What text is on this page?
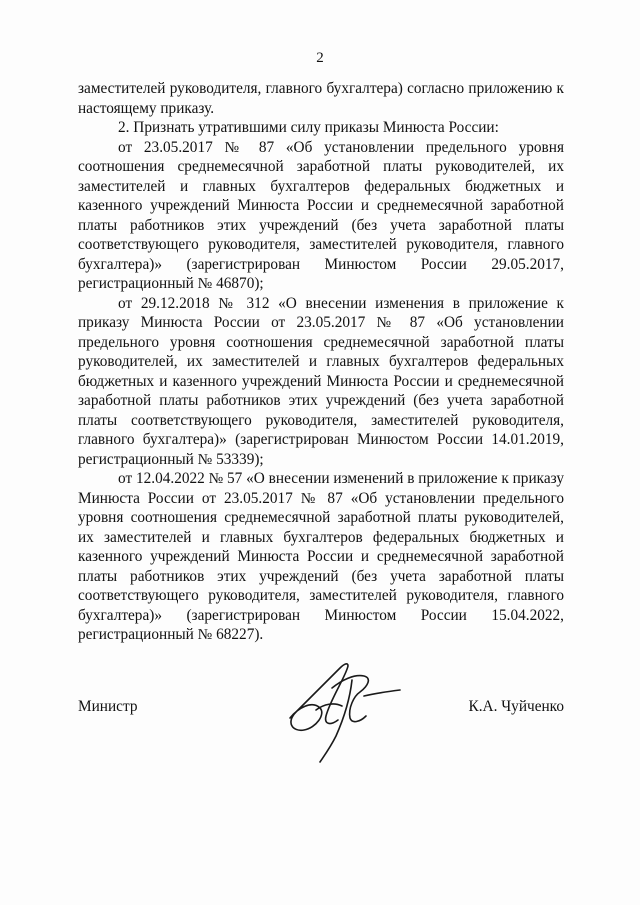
2

заместителей руководителя, главного бухгалтера) согласно приложению к настоящему приказу.

2. Признать утратившими силу приказы Минюста России:

от 23.05.2017 № 87 «Об установлении предельного уровня соотношения среднемесячной заработной платы руководителей, их заместителей и главных бухгалтеров федеральных бюджетных и казенного учреждений Минюста России и среднемесячной заработной платы работников этих учреждений (без учета заработной платы соответствующего руководителя, заместителей руководителя, главного бухгалтера)» (зарегистрирован Минюстом России 29.05.2017, регистрационный № 46870);

от 29.12.2018 № 312 «О внесении изменения в приложение к приказу Минюста России от 23.05.2017 № 87 «Об установлении предельного уровня соотношения среднемесячной заработной платы руководителей, их заместителей и главных бухгалтеров федеральных бюджетных и казенного учреждений Минюста России и среднемесячной заработной платы работников этих учреждений (без учета заработной платы соответствующего руководителя, заместителей руководителя, главного бухгалтера)» (зарегистрирован Минюстом России 14.01.2019, регистрационный № 53339);

от 12.04.2022 № 57 «О внесении изменений в приложение к приказу Минюста России от 23.05.2017 № 87 «Об установлении предельного уровня соотношения среднемесячной заработной платы руководителей, их заместителей и главных бухгалтеров федеральных бюджетных и казенного учреждений Минюста России и среднемесячной заработной платы работников этих учреждений (без учета заработной платы соответствующего руководителя, заместителей руководителя, главного бухгалтера)» (зарегистрирован Минюстом России 15.04.2022, регистрационный № 68227).

Министр	К.А. Чуйченко
